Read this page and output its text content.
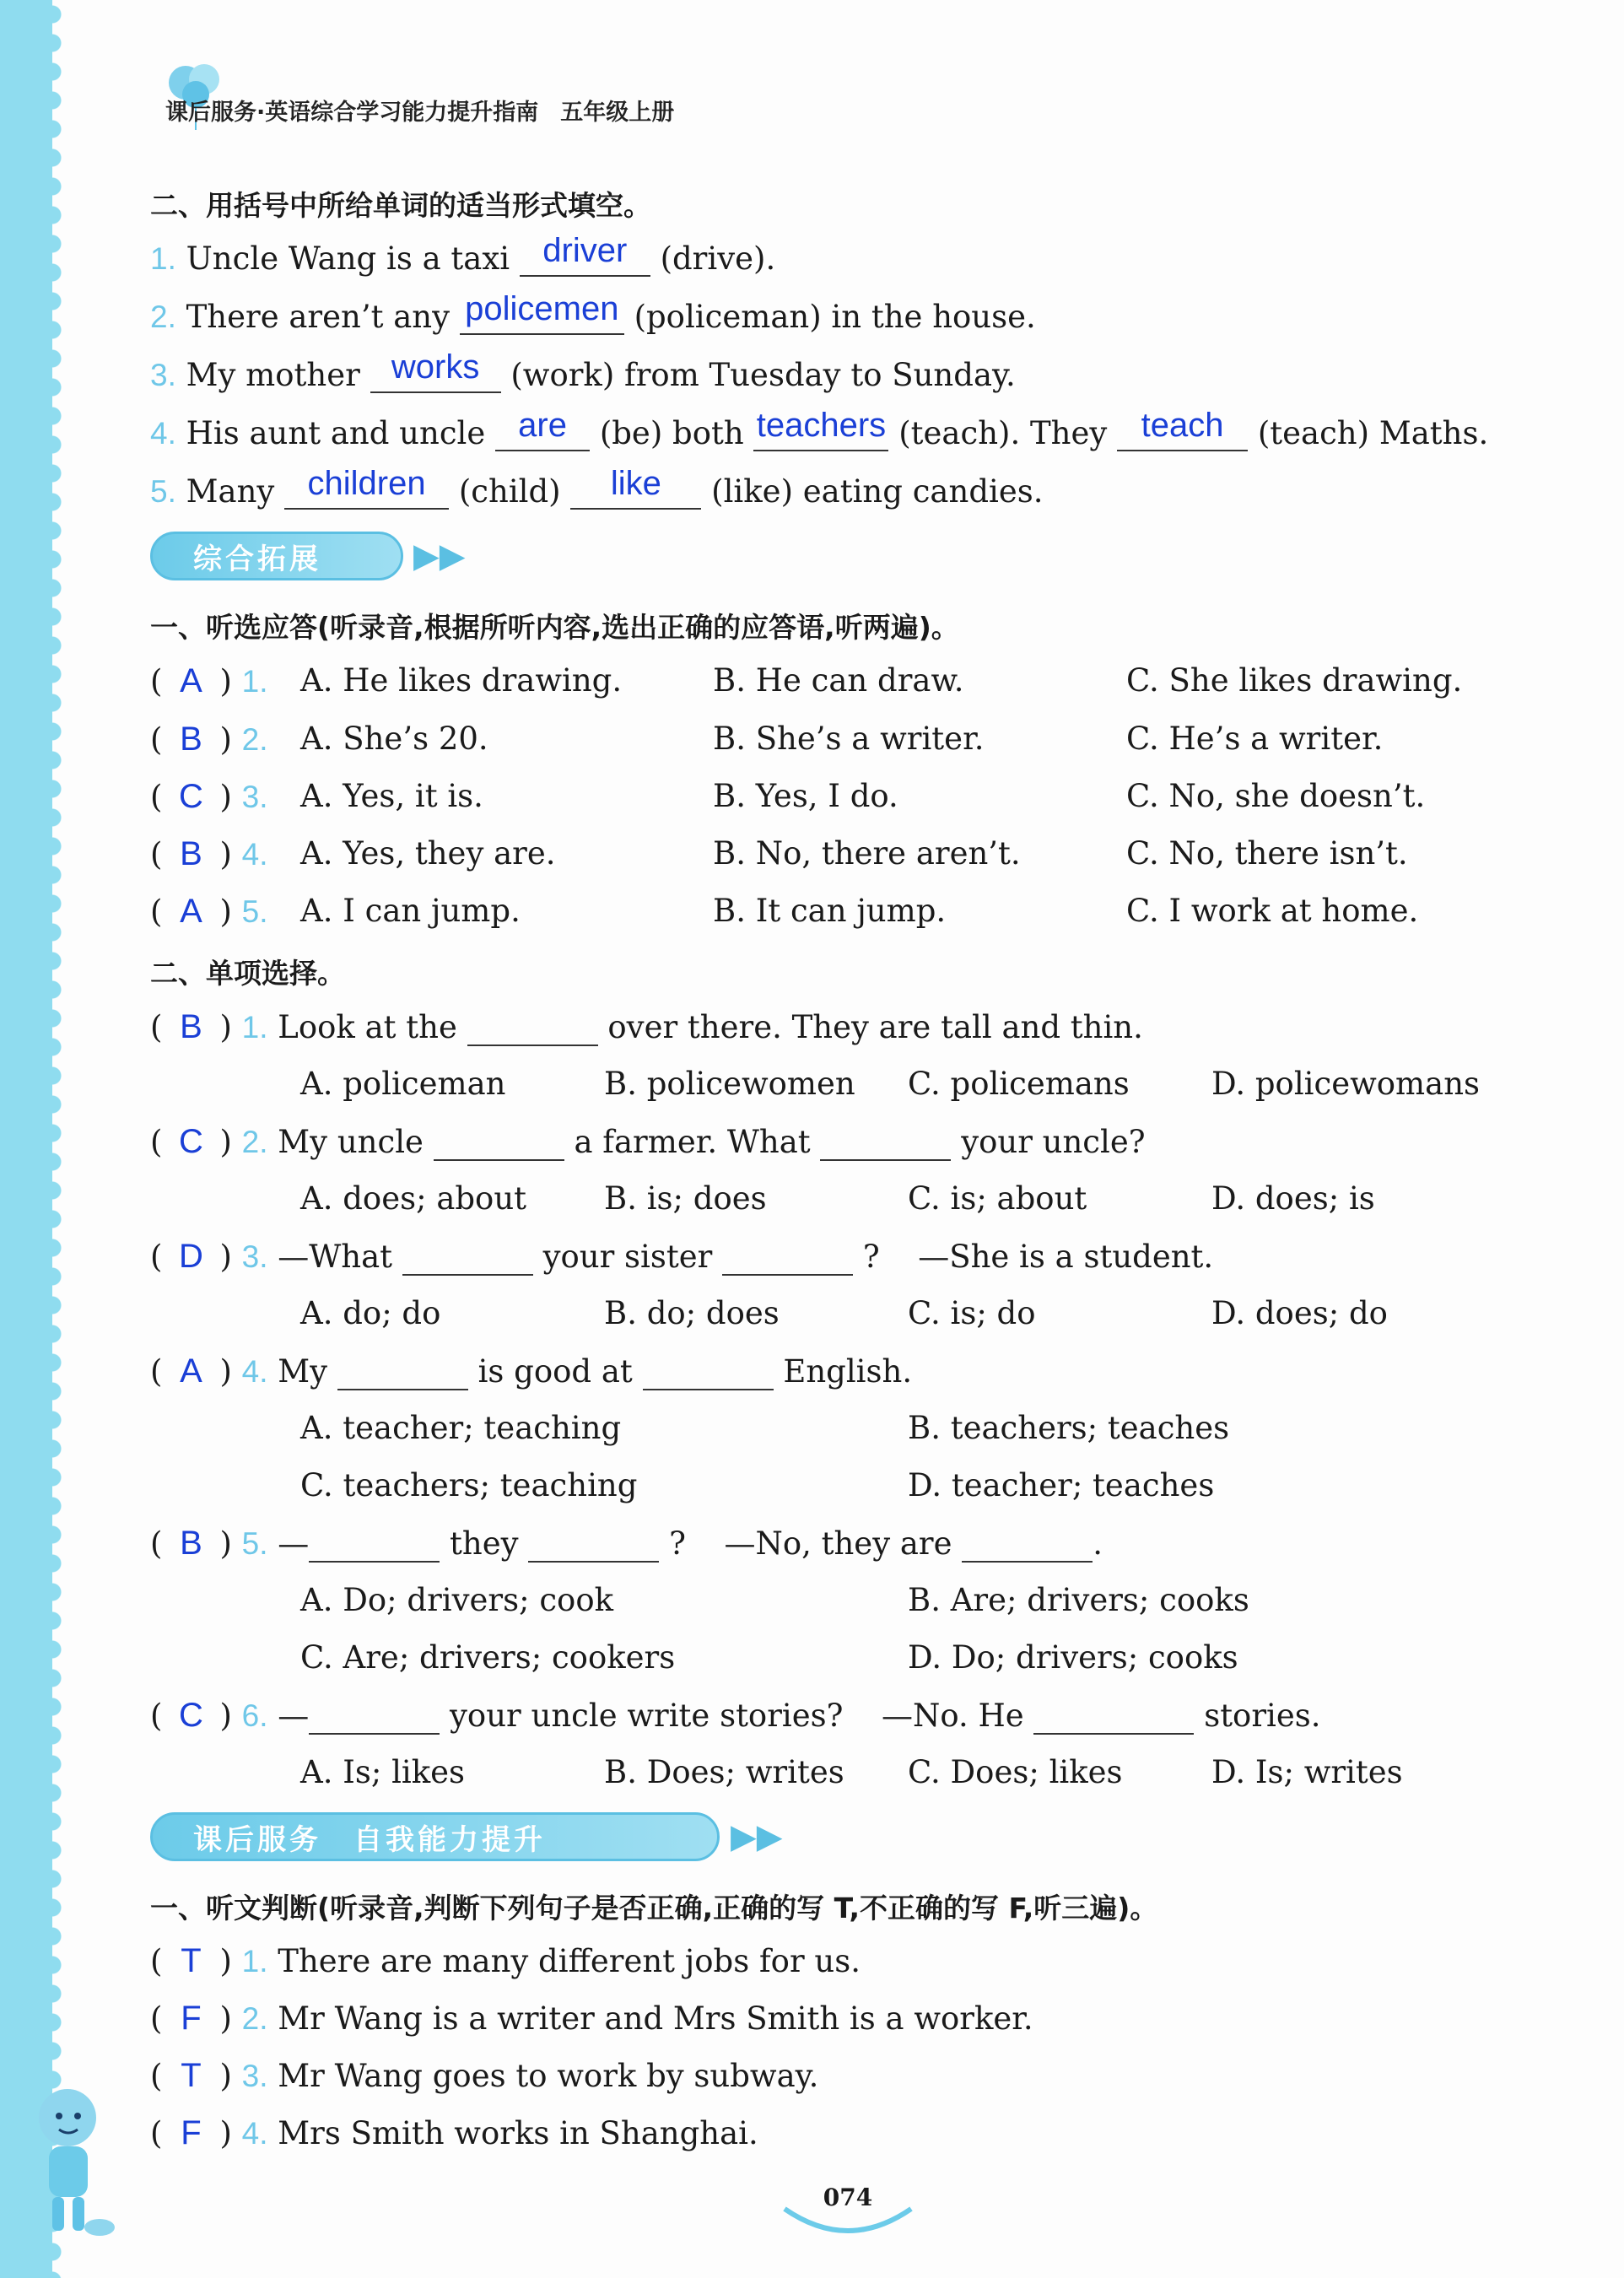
课后服务·英语综合学习能力提升指南 五年级上册
二、用括号中所给单词的适当形式填空。
1. Uncle Wang is a taxi driver	(drive).
2. There aren’t any policemen (policeman) in the house.
3. My mother works	(work) from Tuesday to Sunday.
4. His aunt and uncle are	(be) both teachers (teach). They	teach	(teach) Maths.
5. Many children	(child)	like	(like) eating candies.
综合拓展	▶▶
一、听选应答(听录音,根据所听内容,选出正确的应答语,听两遍)。
( A ) 1. A. He likes drawing.	B. He can draw.	C. She likes drawing.
( B ) 2. A. She’s 20.	B. She’s a writer.	C. He’s a writer.
( C ) 3. A. Yes, it is.	B. Yes, I do.	C. No, she doesn’t.
( B ) 4. A. Yes, they are.	B. No, there aren’t.	C. No, there isn’t.
( A ) 5. A. I can jump.	B. It can jump.	C. I work at home.
二、单项选择。
( B ) 1. Look at the	over there. They are tall and thin.
A. policeman	B. policewomen C. policemans	D. policewomans
( C ) 2. My uncle	a farmer. What	your uncle?
A. does; about B. is; does	C. is; about	D. does; is
( D ) 3. —What	your sister	? —She is a student.
A. do; do	B. do; does	C. is; do	D. does; do
( A ) 4. My	is good at	English.
A. teacher; teaching	B. teachers; teaches
C. teachers; teaching	D. teacher; teaches
( B ) 5. —	they	? —No, they are	.
A. Do; drivers; cook	B. Are; drivers; cooks
C. Are; drivers; cookers	D. Do; drivers; cooks
( C ) 6. —	your uncle write stories? —No. He	stories.
A. Is; likes	B. Does; writes C. Does; likes	D. Is; writes
课后服务　自我能力提升	▶▶
一、听文判断(听录音,判断下列句子是否正确,正确的写 T,不正确的写 F,听三遍)。
( T ) 1. There are many different jobs for us.
( F ) 2. Mr Wang is a writer and Mrs Smith is a worker.
( T ) 3. Mr Wang goes to work by subway.
( F ) 4. Mrs Smith works in Shanghai.
074
